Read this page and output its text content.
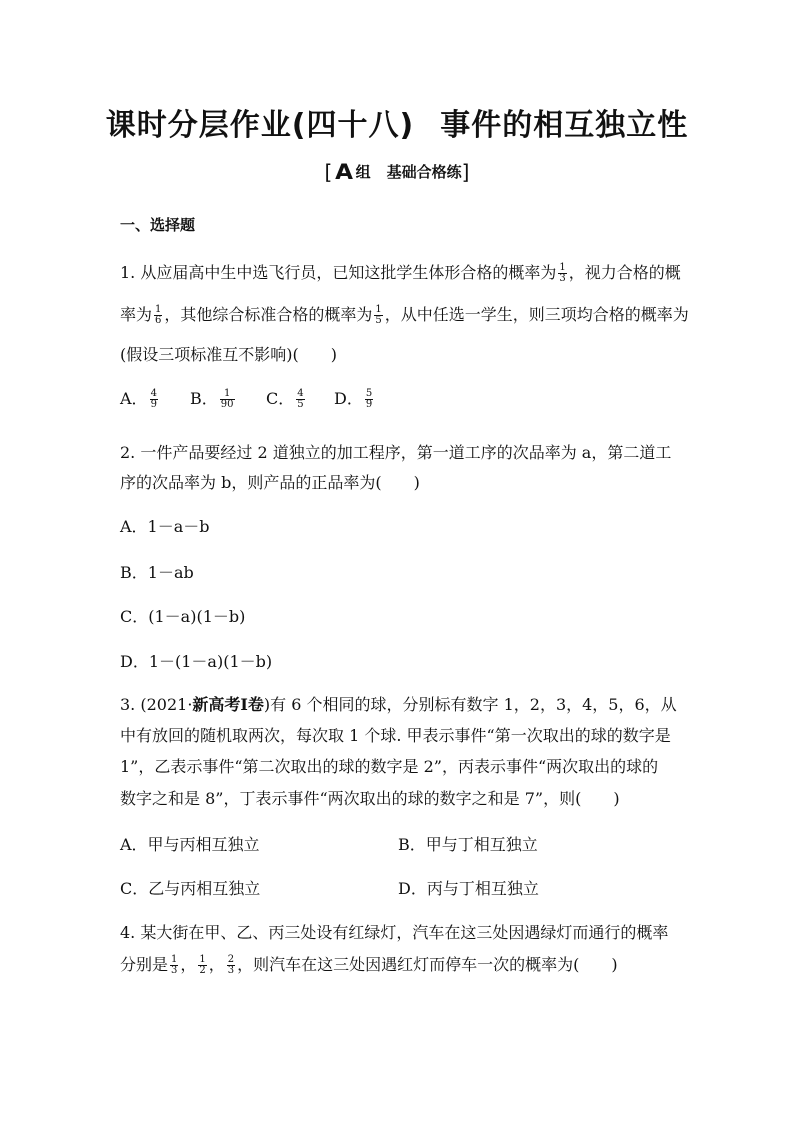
课时分层作业(四十八) 事件的相互独立性
[ A 组 基础合格练]
一、选择题
1. 从应届高中生中选飞行员，已知这批学生体形合格的概率为 $\frac{1}{3}$ ，视力合格的概
率为 $\frac{1}{6}$ ，其他综合标准合格的概率为 $\frac{1}{5}$ ，从中任选一学生，则三项均合格的概率为
(假设三项标准互不影响)(　　)
A． $\frac{4}{9}$ B． $\frac{1}{90}$ C． $\frac{4}{5}$ D． $\frac{5}{9}$
2. 一件产品要经过 2 道独立的加工程序，第一道工序的次品率为 a，第二道工
序的次品率为 b，则产品的正品率为(　　)
A．1－a－b
B．1－ab
C．(1－a)(1－b)
D．1－(1－a)(1－b)
3. (2021·新高考Ⅰ卷)有 6 个相同的球，分别标有数字 1，2，3，4，5，6，从
中有放回的随机取两次，每次取 1 个球. 甲表示事件“第一次取出的球的数字是
1”，乙表示事件“第二次取出的球的数字是 2”，丙表示事件“两次取出的球的
数字之和是 8”，丁表示事件“两次取出的球的数字之和是 7”，则(　　)
A．甲与丙相互独立	B．甲与丁相互独立
C．乙与丙相互独立	D．丙与丁相互独立
4. 某大街在甲、乙、丙三处设有红绿灯，汽车在这三处因遇绿灯而通行的概率
分别是 $\frac{1}{3}$ ， $\frac{1}{2}$ ， $\frac{2}{3}$ ，则汽车在这三处因遇红灯而停车一次的概率为(　　)
